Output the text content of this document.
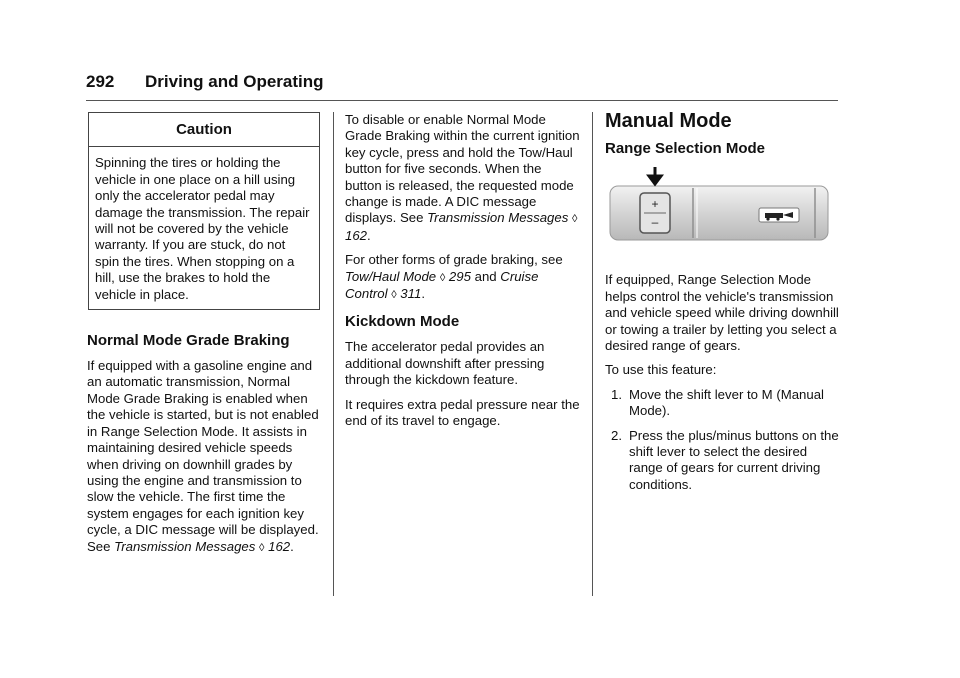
292 Driving and Operating
Caution
Spinning the tires or holding the vehicle in one place on a hill using only the accelerator pedal may damage the transmission. The repair will not be covered by the vehicle warranty. If you are stuck, do not spin the tires. When stopping on a hill, use the brakes to hold the vehicle in place.
Normal Mode Grade Braking

If equipped with a gasoline engine and an automatic transmission, Normal Mode Grade Braking is enabled when the vehicle is started, but is not enabled in Range Selection Mode. It assists in maintaining desired vehicle speeds when driving on downhill grades by using the engine and transmission to slow the vehicle. The first time the system engages for each ignition key cycle, a DIC message will be displayed. See Transmission Messages ◊ 162.

To disable or enable Normal Mode Grade Braking within the current ignition key cycle, press and hold the Tow/Haul button for five seconds. When the button is released, the requested mode change is made. A DIC message displays. See Transmission Messages ◊ 162.

For other forms of grade braking, see Tow/Haul Mode ◊ 295 and Cruise Control ◊ 311.

Kickdown Mode

The accelerator pedal provides an additional downshift after pressing through the kickdown feature.

It requires extra pedal pressure near the end of its travel to engage.

Manual Mode
Range Selection Mode
+
–

If equipped, Range Selection Mode helps control the vehicle's transmission and vehicle speed while driving downhill or towing a trailer by letting you select a desired range of gears.

To use this feature:

1. Move the shift lever to M (Manual Mode).
2. Press the plus/minus buttons on the shift lever to select the desired range of gears for current driving conditions.
